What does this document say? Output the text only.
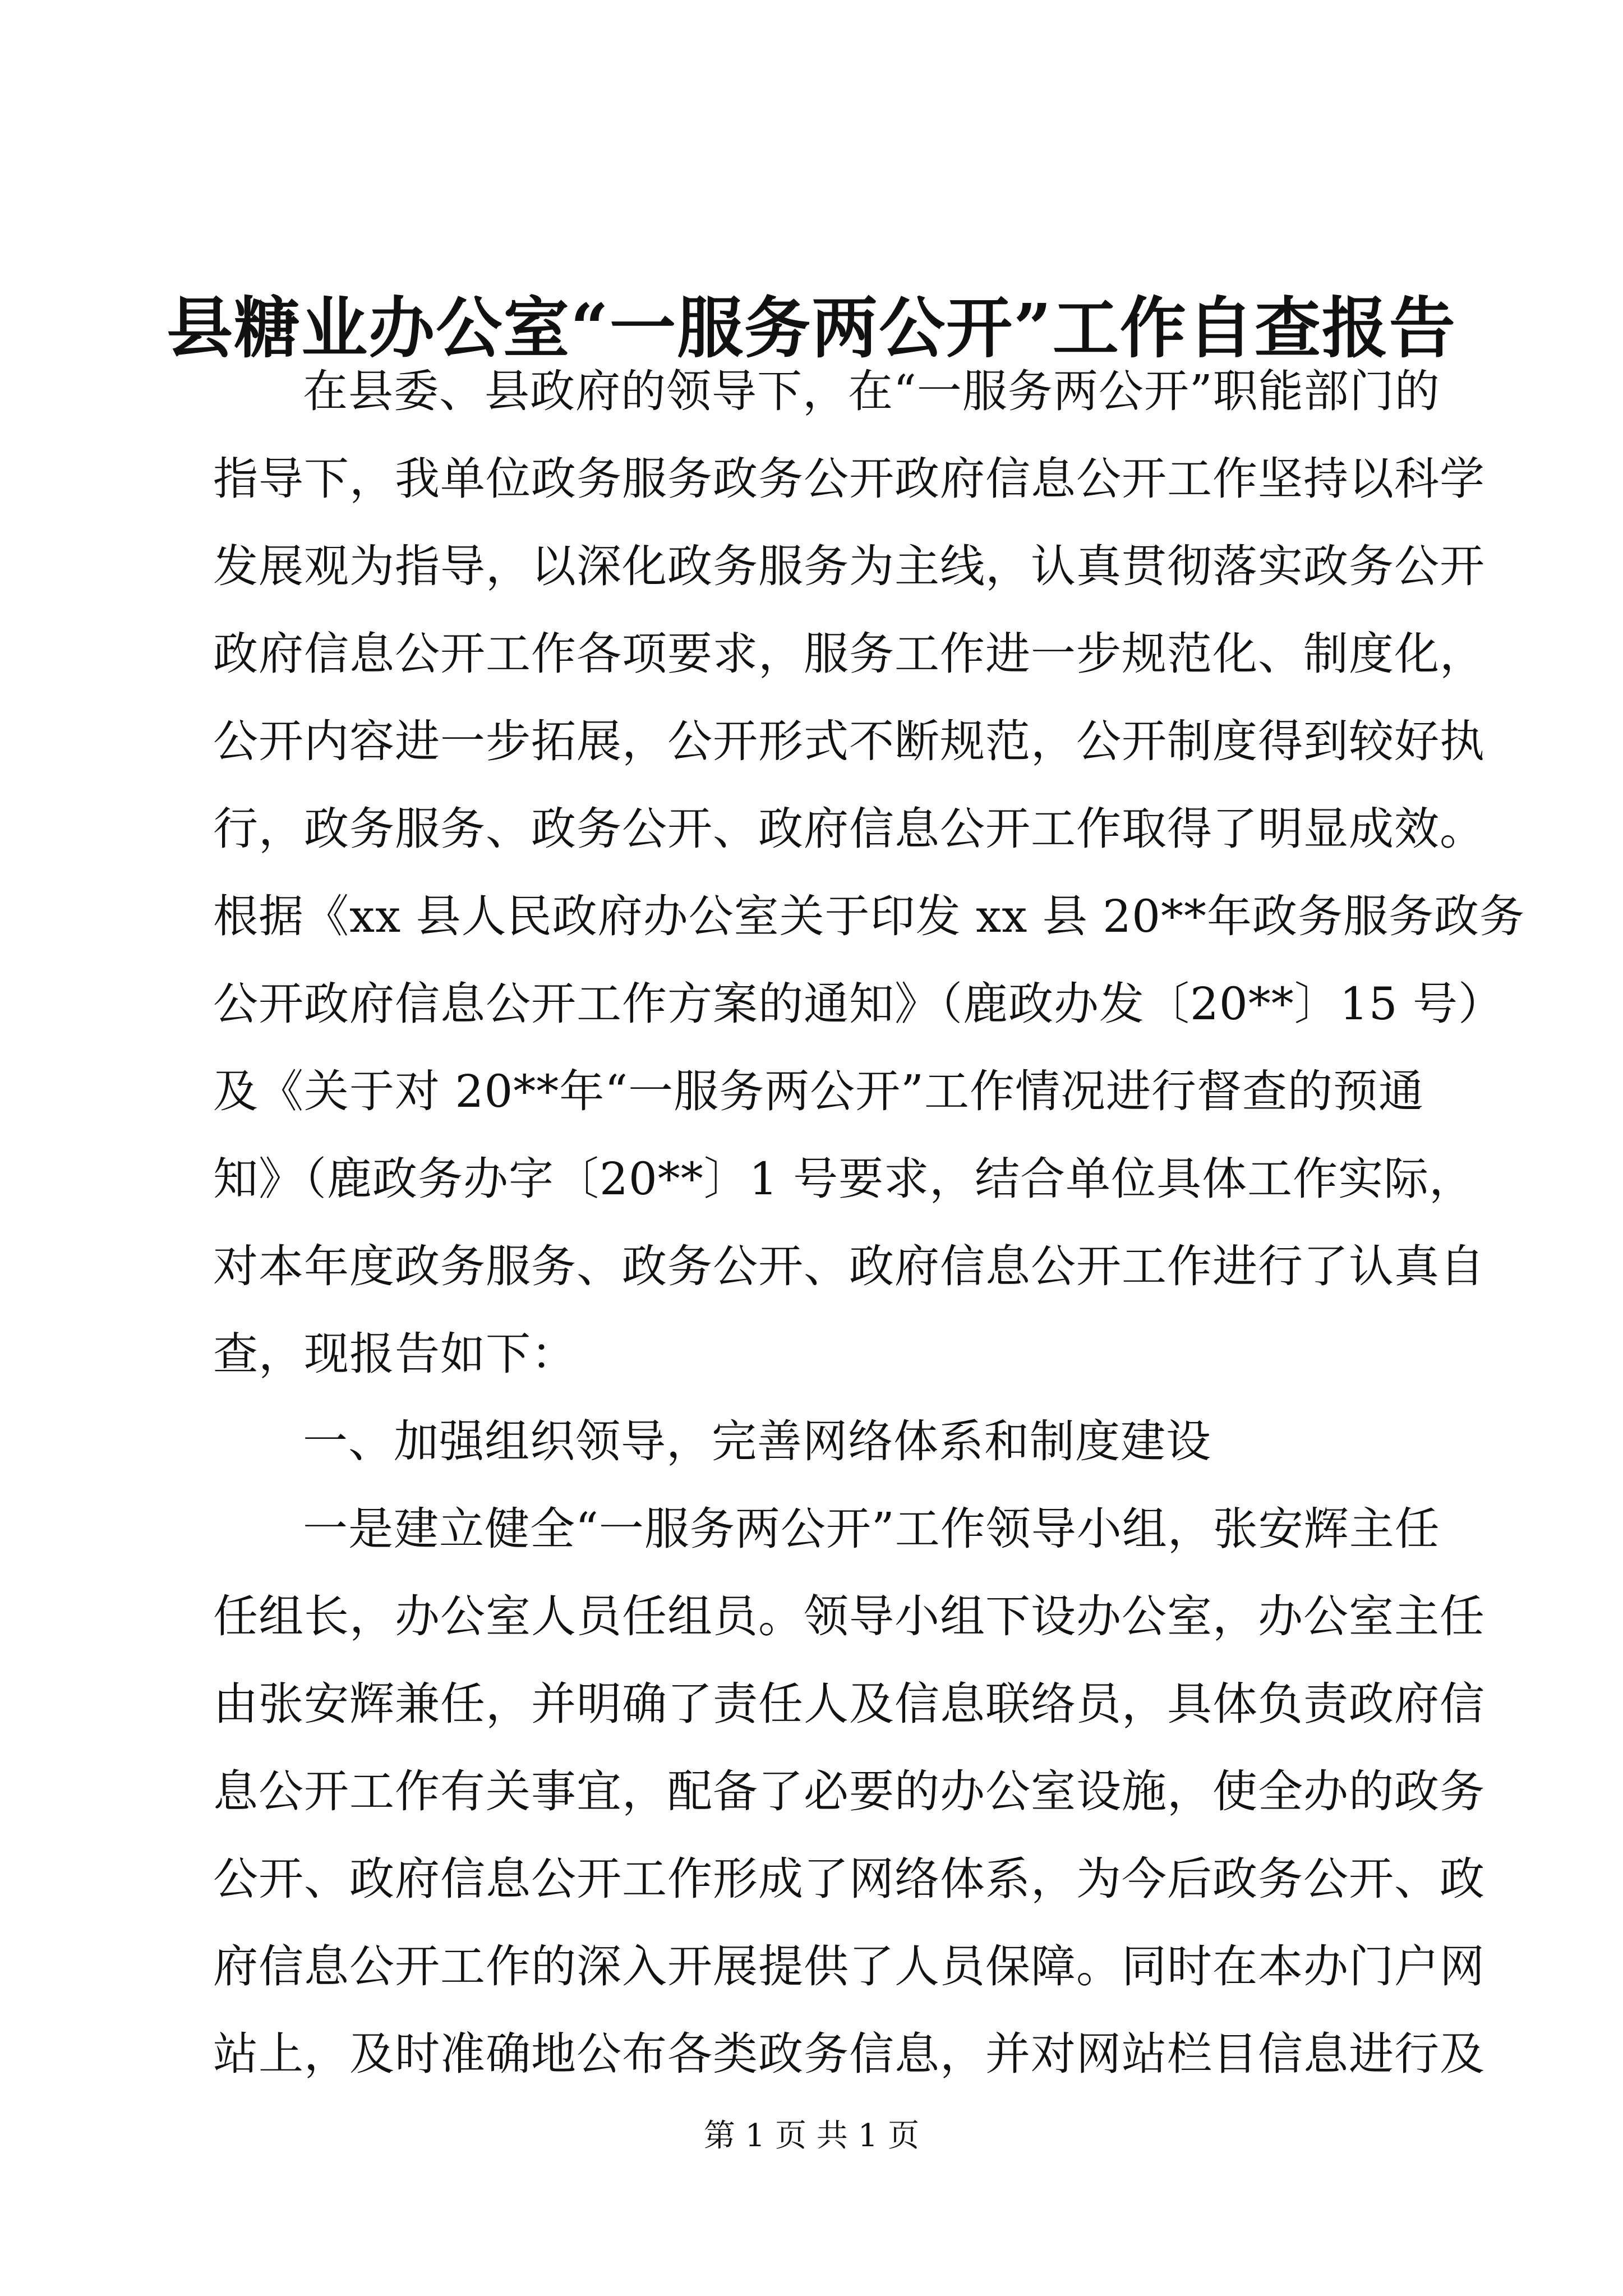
县糖业办公室“一服务两公开”工作自查报告
在县委、县政府的领导下，在“一服务两公开”职能部门的
指导下，我单位政务服务政务公开政府信息公开工作坚持以科学
发展观为指导，以深化政务服务为主线，认真贯彻落实政务公开
政府信息公开工作各项要求，服务工作进一步规范化、制度化，
公开内容进一步拓展，公开形式不断规范，公开制度得到较好执
行，政务服务、政务公开、政府信息公开工作取得了明显成效。
根据《xx 县人民政府办公室关于印发 xx 县 20**年政务服务政务
公开政府信息公开工作方案的通知》（鹿政办发〔20**〕15 号）
及《关于对 20**年“一服务两公开”工作情况进行督查的预通
知》（鹿政务办字〔20**〕1 号要求，结合单位具体工作实际，
对本年度政务服务、政务公开、政府信息公开工作进行了认真自
查，现报告如下：
一、加强组织领导，完善网络体系和制度建设
一是建立健全“一服务两公开”工作领导小组，张安辉主任
任组长，办公室人员任组员。领导小组下设办公室，办公室主任
由张安辉兼任，并明确了责任人及信息联络员，具体负责政府信
息公开工作有关事宜，配备了必要的办公室设施，使全办的政务
公开、政府信息公开工作形成了网络体系，为今后政务公开、政
府信息公开工作的深入开展提供了人员保障。同时在本办门户网
站上，及时准确地公布各类政务信息，并对网站栏目信息进行及
第 1 页 共 1 页
